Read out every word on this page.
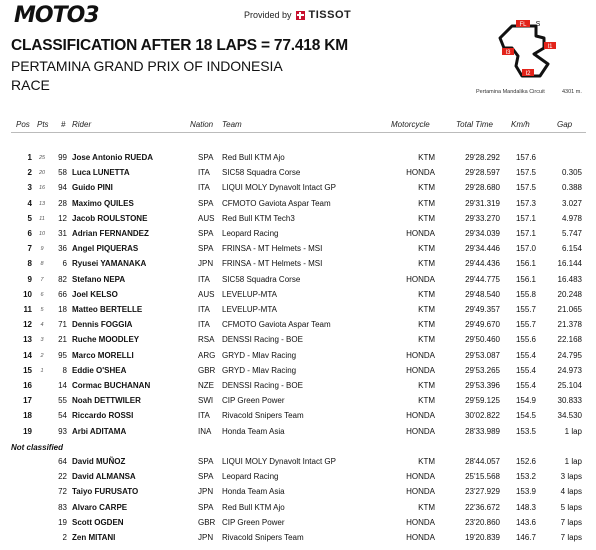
MOTO3	Provided by TISSOT
CLASSIFICATION AFTER 18 LAPS = 77.418 KM
PERTAMINA GRAND PRIX OF INDONESIA
RACE
FL S
I1
I2
I3
Pertamina Mandalika Circuit	4301 m.
Pos Pts # Rider	Nation Team	Motorcycle	Total Time Km/h	Gap
1	25	99 Jose Antonio RUEDA	SPA Red Bull KTM Ajo	KTM	29'28.292	157.6
2	20	58 Luca LUNETTA	ITA SIC58 Squadra Corse	HONDA	29'28.597	157.5	0.305
3	16	94 Guido PINI	ITA LIQUI MOLY Dynavolt Intact GP	KTM	29'28.680	157.5	0.388
4	13	28 Maximo QUILES	SPA CFMOTO Gaviota Aspar Team	KTM	29'31.319	157.3	3.027
5	11	12 Jacob ROULSTONE	AUS Red Bull KTM Tech3	KTM	29'33.270	157.1	4.978
6	10	31 Adrian FERNANDEZ	SPA Leopard Racing	HONDA	29'34.039	157.1	5.747
7	9	36 Angel PIQUERAS	SPA FRINSA - MT Helmets - MSI	KTM	29'34.446	157.0	6.154
8	8	6 Ryusei YAMANAKA	JPN FRINSA - MT Helmets - MSI	KTM	29'44.436	156.1	16.144
9	7	82 Stefano NEPA	ITA SIC58 Squadra Corse	HONDA	29'44.775	156.1	16.483
10	6	66 Joel KELSO	AUS LEVELUP-MTA	KTM	29'48.540	155.8	20.248
11	5	18 Matteo BERTELLE	ITA LEVELUP-MTA	KTM	29'49.357	155.7	21.065
12	4	71 Dennis FOGGIA	ITA CFMOTO Gaviota Aspar Team	KTM	29'49.670	155.7	21.378
13	3	21 Ruche MOODLEY	RSA DENSSI Racing - BOE	KTM	29'50.460	155.6	22.168
14	2	95 Marco MORELLI	ARG GRYD - Mlav Racing	HONDA	29'53.087	155.4	24.795
15	1	8 Eddie O'SHEA	GBR GRYD - Mlav Racing	HONDA	29'53.265	155.4	24.973
16	14 Cormac BUCHANAN	NZE DENSSI Racing - BOE	KTM	29'53.396	155.4	25.104
17	55 Noah DETTWILER	SWI CIP Green Power	KTM	29'59.125	154.9	30.833
18	54 Riccardo ROSSI	ITA Rivacold Snipers Team	HONDA	30'02.822	154.5	34.530
19	93 Arbi ADITAMA	INA Honda Team Asia	HONDA	28'33.989	153.5	1 lap
64 David MUÑOZ	SPA LIQUI MOLY Dynavolt Intact GP	KTM	28'44.057	152.6	1 lap
22 David ALMANSA	SPA Leopard Racing	HONDA	25'15.568	153.2	3 laps
72 Taiyo FURUSATO	JPN Honda Team Asia	HONDA	23'27.929	153.9	4 laps
83 Alvaro CARPE	SPA Red Bull KTM Ajo	KTM	22'36.672	148.3	5 laps
19 Scott OGDEN	GBR CIP Green Power	HONDA	23'20.860	143.6	7 laps
2 Zen MITANI	JPN Rivacold Snipers Team	HONDA	19'20.839	146.7	7 laps
Not classified
